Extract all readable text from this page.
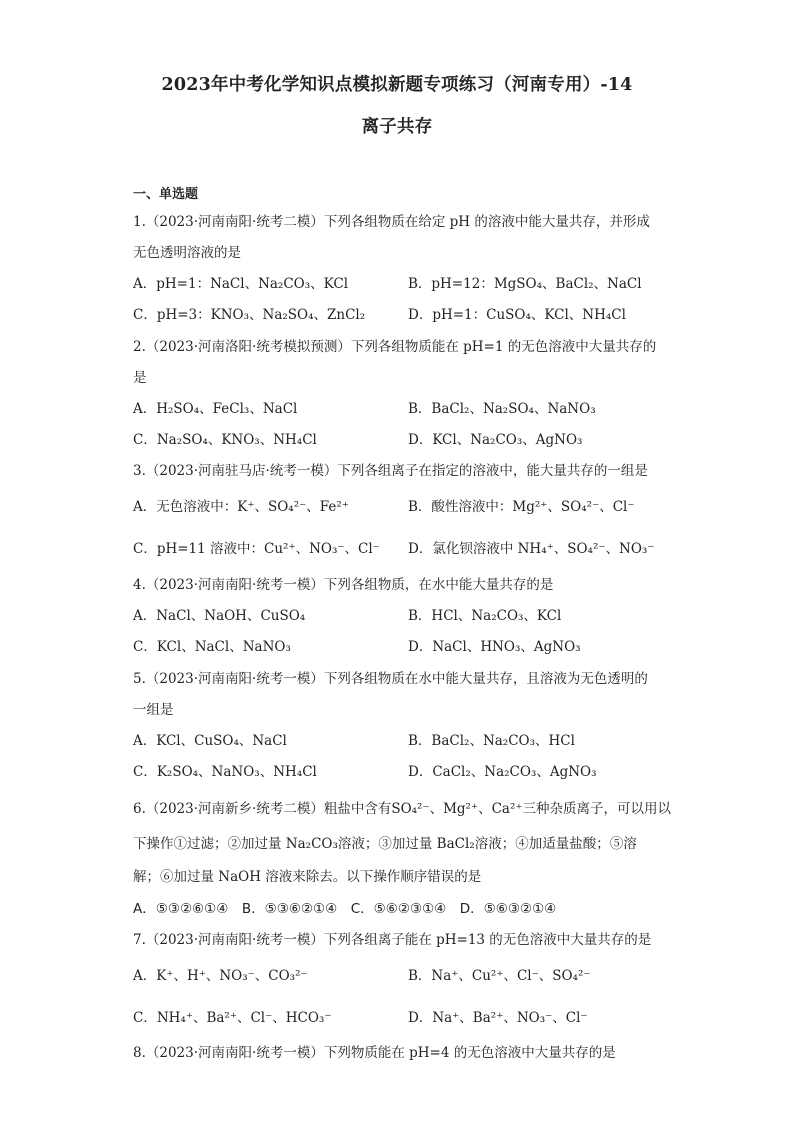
2023年中考化学知识点模拟新题专项练习（河南专用）-14
离子共存
一、单选题
1.（2023·河南南阳·统考二模）下列各组物质在给定 pH 的溶液中能大量共存，并形成
无色透明溶液的是
A．pH=1：NaCl、Na₂CO₃、KCl	B．pH=12：MgSO₄、BaCl₂、NaCl
C．pH=3：KNO₃、Na₂SO₄、ZnCl₂	D．pH=1：CuSO₄、KCl、NH₄Cl
2.（2023·河南洛阳·统考模拟预测）下列各组物质能在 pH=1 的无色溶液中大量共存的
是
A．H₂SO₄、FeCl₃、NaCl	B．BaCl₂、Na₂SO₄、NaNO₃
C．Na₂SO₄、KNO₃、NH₄Cl	D．KCl、Na₂CO₃、AgNO₃
3.（2023·河南驻马店·统考一模）下列各组离子在指定的溶液中，能大量共存的一组是
A．无色溶液中：K⁺、SO₄²⁻、Fe²⁺	B．酸性溶液中：Mg²⁺、SO₄²⁻、Cl⁻
C．pH=11 溶液中：Cu²⁺、NO₃⁻、Cl⁻ D．氯化钡溶液中 NH₄⁺、SO₄²⁻、NO₃⁻
4.（2023·河南南阳·统考一模）下列各组物质，在水中能大量共存的是
A．NaCl、NaOH、CuSO₄	B．HCl、Na₂CO₃、KCl
C．KCl、NaCl、NaNO₃	D．NaCl、HNO₃、AgNO₃
5.（2023·河南南阳·统考一模）下列各组物质在水中能大量共存，且溶液为无色透明的
一组是
A．KCl、CuSO₄、NaCl	B．BaCl₂、Na₂CO₃、HCl
C．K₂SO₄、NaNO₃、NH₄Cl	D．CaCl₂、Na₂CO₃、AgNO₃
6.（2023·河南新乡·统考二模）粗盐中含有SO₄²⁻、Mg²⁺、Ca²⁺三种杂质离子，可以用以
下操作①过滤；②加过量 Na₂CO₃溶液；③加过量 BaCl₂溶液；④加适量盐酸；⑤溶
解；⑥加过量 NaOH 溶液来除去。以下操作顺序错误的是
A．⑤③②⑥①④　B．⑤③⑥②①④　C．⑤⑥②③①④　D．⑤⑥③②①④
7.（2023·河南南阳·统考一模）下列各组离子能在 pH=13 的无色溶液中大量共存的是
A．K⁺、H⁺、NO₃⁻、CO₃²⁻	B．Na⁺、Cu²⁺、Cl⁻、SO₄²⁻
C．NH₄⁺、Ba²⁺、Cl⁻、HCO₃⁻	D．Na⁺、Ba²⁺、NO₃⁻、Cl⁻
8.（2023·河南南阳·统考一模）下列物质能在 pH=4 的无色溶液中大量共存的是
